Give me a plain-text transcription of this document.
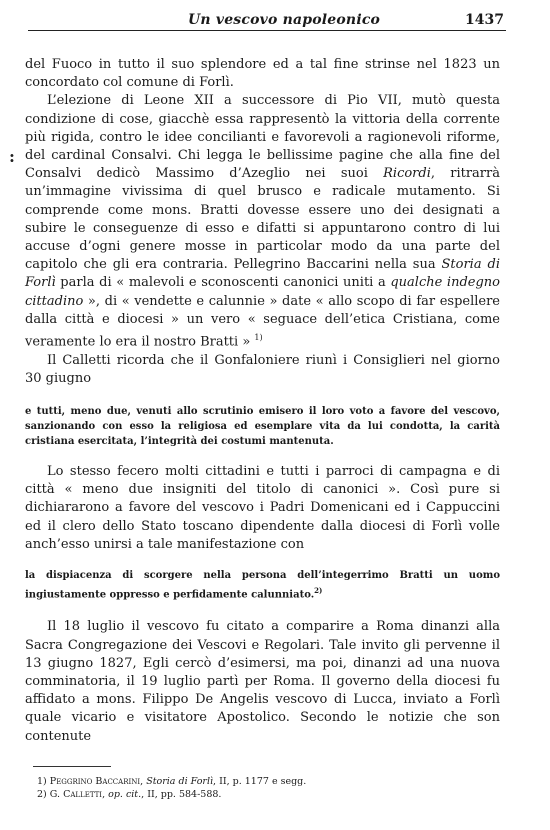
Un vescovo napoleonico	1437
:

del Fuoco in tutto il suo splendore ed a tal fine strinse nel 1823 un concordato col comune di Forlì.

L’elezione di Leone XII a successore di Pio VII, mutò questa condizione di cose, giacchè essa rappresentò la vittoria della corrente più rigida, contro le idee concilianti e favorevoli a ragionevoli riforme, del cardinal Consalvi. Chi legga le bellissime pagine che alla fine del Consalvi dedicò Massimo d’Azeglio nei suoi Ricordi, ritrarrà un’immagine vivissima di quel brusco e radicale mutamento. Si comprende come mons. Bratti dovesse essere uno dei designati a subire le conseguenze di esso e difatti si appuntarono contro di lui accuse d’ogni genere mosse in particolar modo da una parte del capitolo che gli era contraria. Pellegrino Baccarini nella sua Storia di Forlì parla di « malevoli e sconoscenti canonici uniti a qualche indegno cittadino », di « vendette e calunnie » date « allo scopo di far espellere dalla città e diocesi » un vero « seguace dell’etica Cristiana, come veramente lo era il nostro Bratti » $^{1)}$

Il Calletti ricorda che il Gonfaloniere riunì i Consiglieri nel giorno 30 giugno

e tutti, meno due, venuti allo scrutinio emisero il loro voto a favore del vescovo, sanzionando con esso la religiosa ed esemplare vita da lui condotta, la carità cristiana esercitata, l’integrità dei costumi mantenuta.

Lo stesso fecero molti cittadini e tutti i parroci di campagna e di città « meno due insigniti del titolo di canonici ». Così pure si dichiararono a favore del vescovo i Padri Domenicani ed i Cappuccini ed il clero dello Stato toscano dipendente dalla diocesi di Forlì volle anch’esso unirsi a tale manifestazione con

la dispiacenza di scorgere nella persona dell’integerrimo Bratti un uomo ingiustamente oppresso e perfidamente calunniato.$^{2)}$

Il 18 luglio il vescovo fu citato a comparire a Roma dinanzi alla Sacra Congregazione dei Vescovi e Regolari. Tale invito gli pervenne il 13 giugno 1827, Egli cercò d’esimersi, ma poi, dinanzi ad una nuova comminatoria, il 19 luglio partì per Roma. Il governo della diocesi fu affidato a mons. Filippo De Angelis vescovo di Lucca, inviato a Forlì quale vicario e visitatore Apostolico. Secondo le notizie che son contenute

1) Peggrino Baccarini, Storia di Forlì, II, p. 1177 e segg.

2) G. Calletti, op. cit., II, pp. 584-588.
